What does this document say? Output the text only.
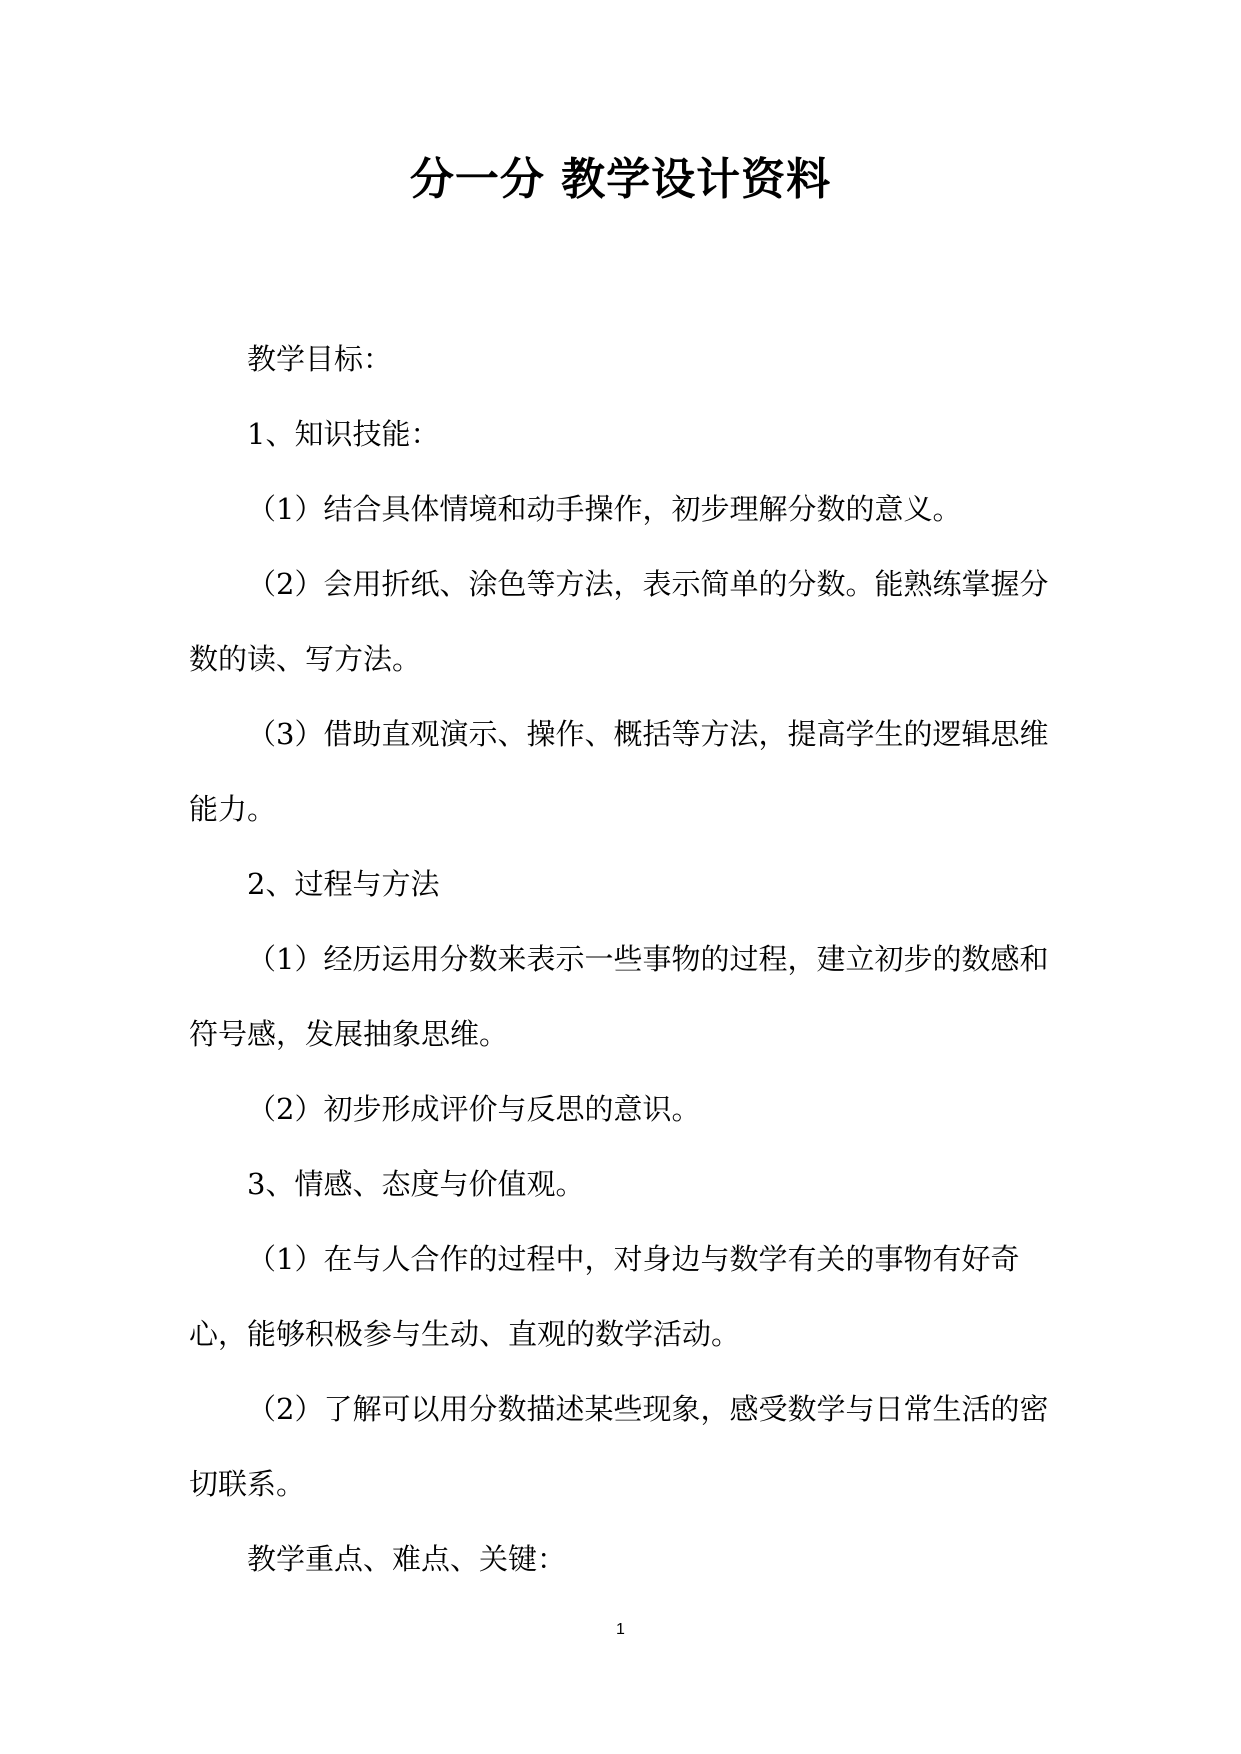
分一分 教学设计资料

教学目标：

1、知识技能：

（1）结合具体情境和动手操作，初步理解分数的意义。

（2）会用折纸、涂色等方法，表示简单的分数。能熟练掌握分数的读、写方法。

（3）借助直观演示、操作、概括等方法，提高学生的逻辑思维能力。

2、过程与方法

（1）经历运用分数来表示一些事物的过程，建立初步的数感和符号感，发展抽象思维。

（2）初步形成评价与反思的意识。

3、情感、态度与价值观。

（1）在与人合作的过程中，对身边与数学有关的事物有好奇心，能够积极参与生动、直观的数学活动。

（2）了解可以用分数描述某些现象，感受数学与日常生活的密切联系。

教学重点、难点、关键：

1
